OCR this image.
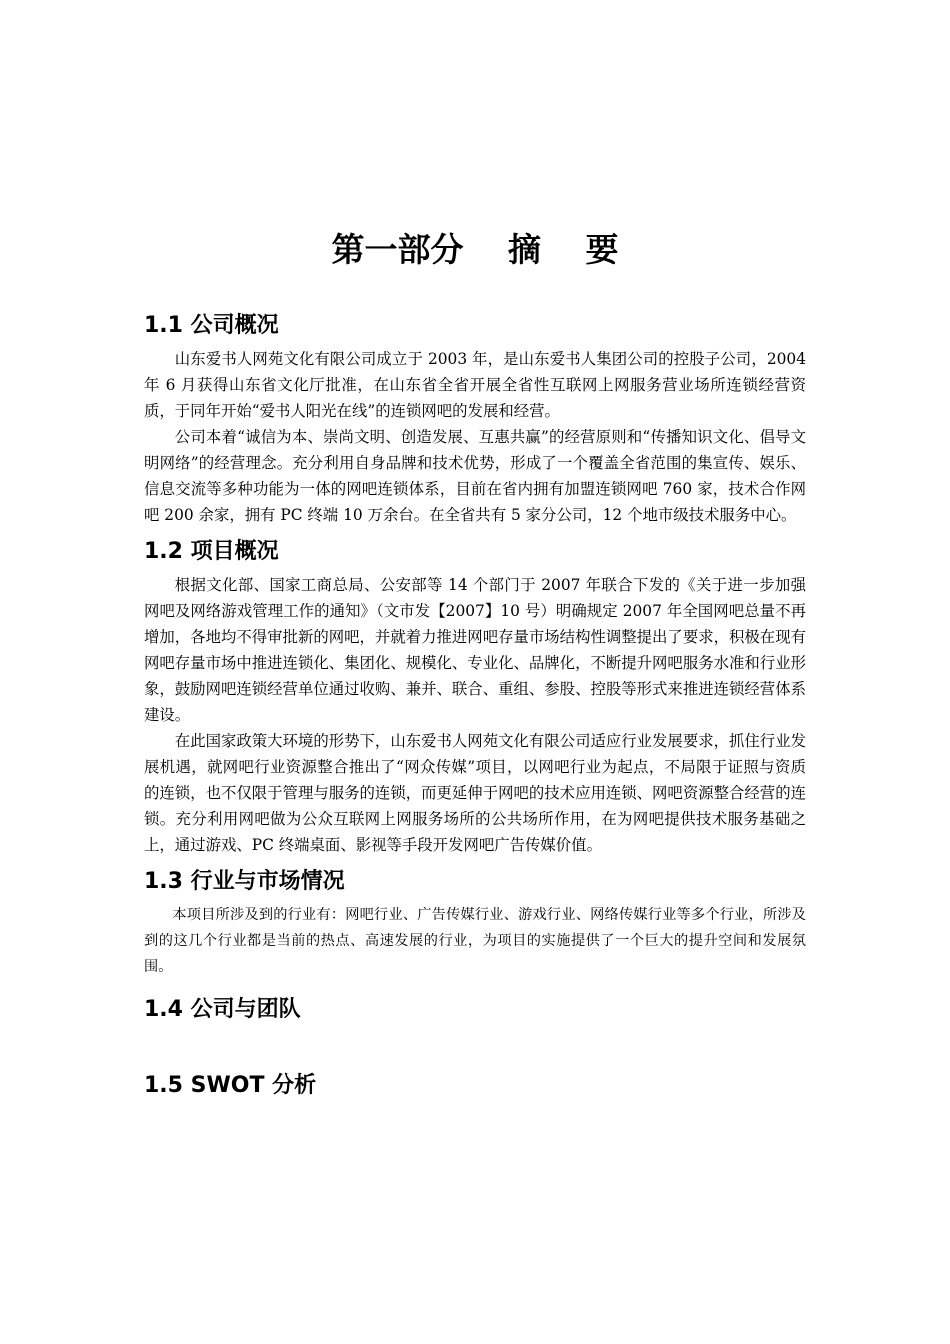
第一部分　 摘　 要
1.1 公司概况

山东爱书人网苑文化有限公司成立于 2003 年，是山东爱书人集团公司的控股子公司，2004 年 6 月获得山东省文化厅批准，在山东省全省开展全省性互联网上网服务营业场所连锁经营资质，于同年开始“爱书人阳光在线”的连锁网吧的发展和经营。

公司本着“诚信为本、崇尚文明、创造发展、互惠共赢”的经营原则和“传播知识文化、倡导文明网络”的经营理念。充分利用自身品牌和技术优势，形成了一个覆盖全省范围的集宣传、娱乐、信息交流等多种功能为一体的网吧连锁体系，目前在省内拥有加盟连锁网吧 760 家，技术合作网吧 200 余家，拥有 PC 终端 10 万余台。在全省共有 5 家分公司，12 个地市级技术服务中心。

1.2 项目概况

根据文化部、国家工商总局、公安部等 14 个部门于 2007 年联合下发的《关于进一步加强网吧及网络游戏管理工作的通知》（文市发【2007】10 号）明确规定 2007 年全国网吧总量不再增加，各地均不得审批新的网吧，并就着力推进网吧存量市场结构性调整提出了要求，积极在现有网吧存量市场中推进连锁化、集团化、规模化、专业化、品牌化，不断提升网吧服务水准和行业形象，鼓励网吧连锁经营单位通过收购、兼并、联合、重组、参股、控股等形式来推进连锁经营体系建设。

在此国家政策大环境的形势下，山东爱书人网苑文化有限公司适应行业发展要求，抓住行业发展机遇，就网吧行业资源整合推出了“网众传媒”项目，以网吧行业为起点，不局限于证照与资质的连锁，也不仅限于管理与服务的连锁，而更延伸于网吧的技术应用连锁、网吧资源整合经营的连锁。充分利用网吧做为公众互联网上网服务场所的公共场所作用，在为网吧提供技术服务基础之上，通过游戏、PC 终端桌面、影视等手段开发网吧广告传媒价值。

1.3 行业与市场情况

本项目所涉及到的行业有：网吧行业、广告传媒行业、游戏行业、网络传媒行业等多个行业，所涉及到的这几个行业都是当前的热点、高速发展的行业，为项目的实施提供了一个巨大的提升空间和发展氛围。

1.4 公司与团队
1.5 SWOT 分析
